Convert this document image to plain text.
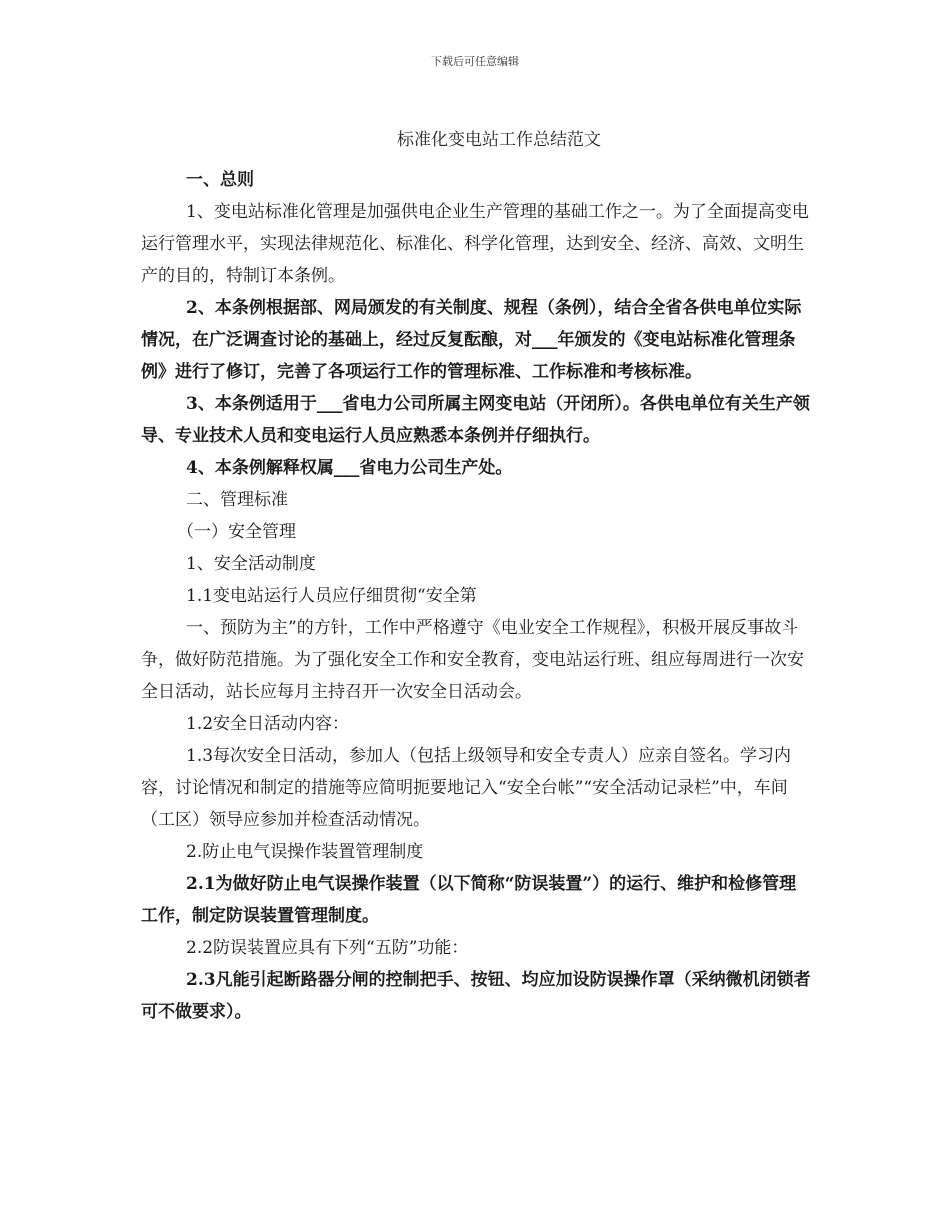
下载后可任意编辑
标准化变电站工作总结范文

一、总则

1、变电站标准化管理是加强供电企业生产管理的基础工作之一。为了全面提高变电运行管理水平，实现法律规范化、标准化、科学化管理，达到安全、经济、高效、文明生产的目的，特制订本条例。

2、本条例根据部、网局颁发的有关制度、规程（条例），结合全省各供电单位实际情况，在广泛调查讨论的基础上，经过反复酝酿，对___年颁发的《变电站标准化管理条例》进行了修订，完善了各项运行工作的管理标准、工作标准和考核标准。

3、本条例适用于___省电力公司所属主网变电站（开闭所）。各供电单位有关生产领导、专业技术人员和变电运行人员应熟悉本条例并仔细执行。

4、本条例解释权属___省电力公司生产处。

二、管理标准

（一）安全管理

1、安全活动制度

1.1变电站运行人员应仔细贯彻“安全第

一、预防为主”的方针，工作中严格遵守《电业安全工作规程》，积极开展反事故斗争，做好防范措施。为了强化安全工作和安全教育，变电站运行班、组应每周进行一次安全日活动，站长应每月主持召开一次安全日活动会。

1.2安全日活动内容：

1.3每次安全日活动，参加人（包括上级领导和安全专责人）应亲自签名。学习内容，讨论情况和制定的措施等应简明扼要地记入“安全台帐”“安全活动记录栏”中，车间（工区）领导应参加并检查活动情况。

2.防止电气误操作装置管理制度

2.1为做好防止电气误操作装置（以下简称“防误装置”）的运行、维护和检修管理工作，制定防误装置管理制度。

2.2防误装置应具有下列“五防”功能：

2.3凡能引起断路器分闸的控制把手、按钮、均应加设防误操作罩（采纳微机闭锁者可不做要求）。
